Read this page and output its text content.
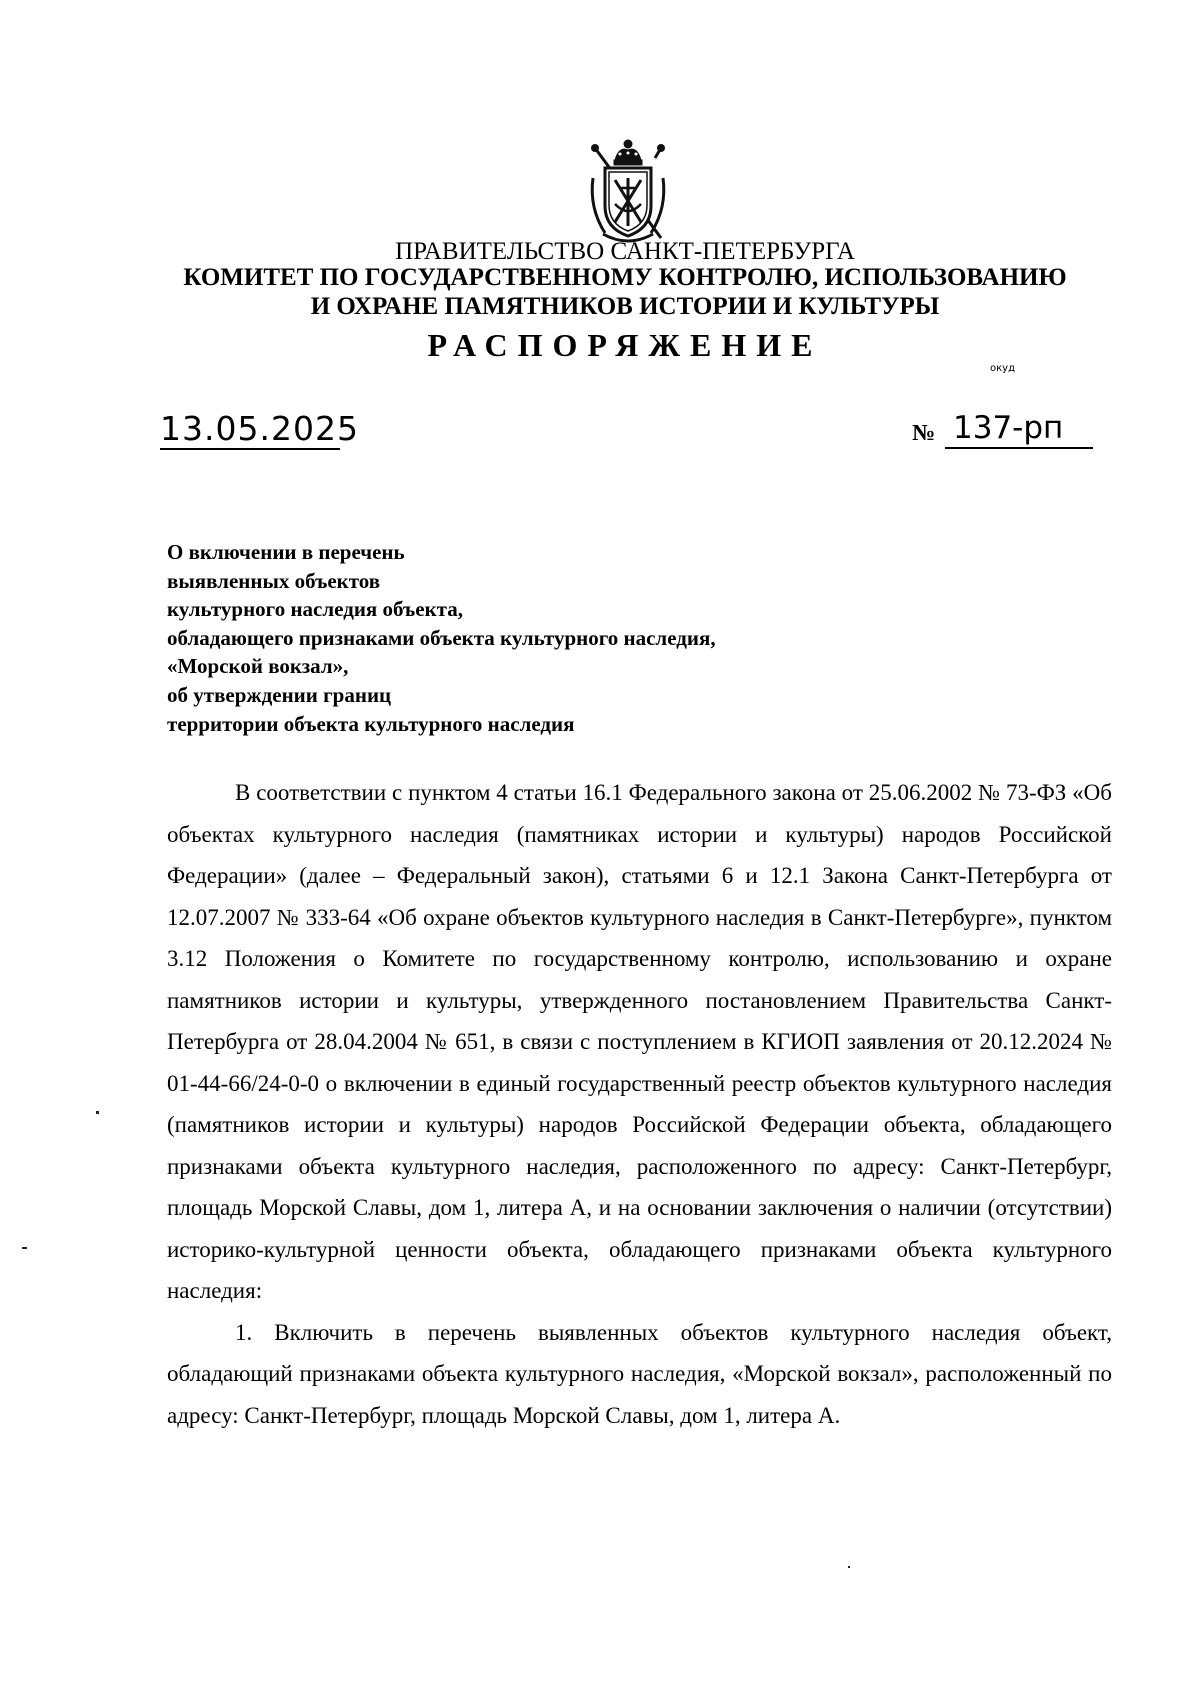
ПРАВИТЕЛЬСТВО САНКТ-ПЕТЕРБУРГА
КОМИТЕТ ПО ГОСУДАРСТВЕННОМУ КОНТРОЛЮ, ИСПОЛЬЗОВАНИЮ
И ОХРАНЕ ПАМЯТНИКОВ ИСТОРИИ И КУЛЬТУРЫ
РАСПОРЯЖЕНИЕ
окуд
13.05.2025	№ 137-рп
О включении в перечень
выявленных объектов
культурного наследия объекта,
обладающего признаками объекта культурного наследия,
«Морской вокзал»,
об утверждении границ
территории объекта культурного наследия

В соответствии с пунктом 4 статьи 16.1 Федерального закона от 25.06.2002 № 73-ФЗ «Об объектах культурного наследия (памятниках истории и культуры) народов Российской Федерации» (далее – Федеральный закон), статьями 6 и 12.1 Закона Санкт-Петербурга от 12.07.2007 № 333-64 «Об охране объектов культурного наследия в Санкт-Петербурге», пунктом 3.12 Положения о Комитете по государственному контролю, использованию и охране памятников истории и культуры, утвержденного постановлением Правительства Санкт-Петербурга от 28.04.2004 № 651, в связи с поступлением в КГИОП заявления от 20.12.2024 № 01-44-66/24-0-0 о включении в единый государственный реестр объектов культурного наследия (памятников истории и культуры) народов Российской Федерации объекта, обладающего признаками объекта культурного наследия, расположенного по адресу: Санкт-Петербург, площадь Морской Славы, дом 1, литера А, и на основании заключения о наличии (отсутствии) историко-культурной ценности объекта, обладающего признаками объекта культурного наследия:

1. Включить в перечень выявленных объектов культурного наследия объект, обладающий признаками объекта культурного наследия, «Морской вокзал», расположенный по адресу: Санкт-Петербург, площадь Морской Славы, дом 1, литера А.
